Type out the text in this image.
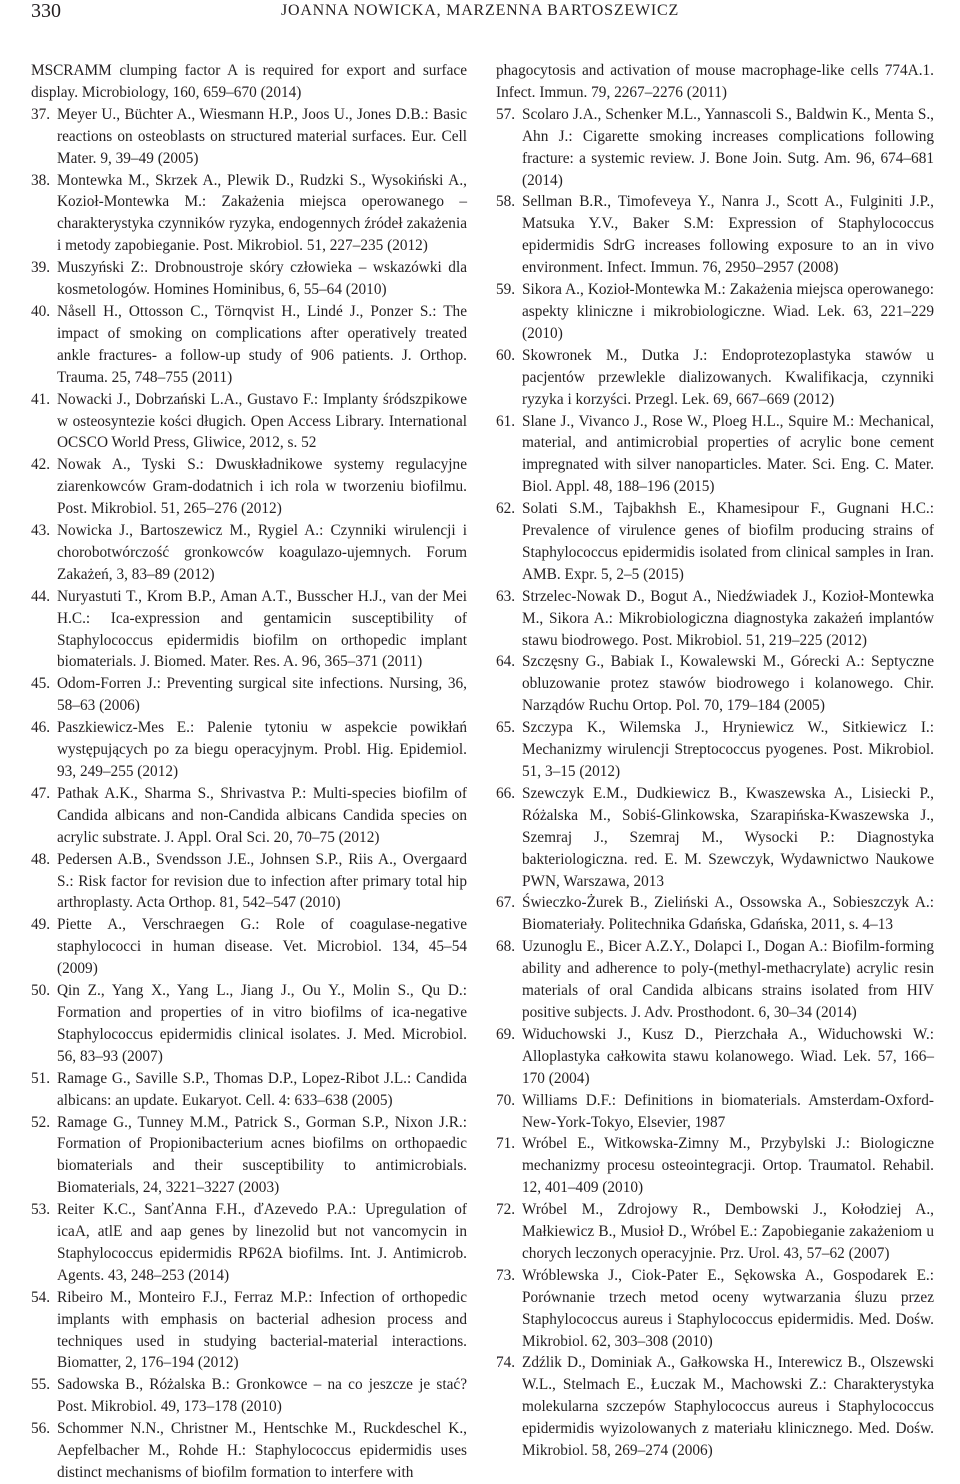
330	JOANNA NOWICKA, MARZENNA BARTOSZEWICZ
MSCRAMM clumping factor A is required for export and surface display. Microbiology, 160, 659–670 (2014)
37. Meyer U., Büchter A., Wiesmann H.P., Joos U., Jones D.B.: Basic reactions on osteoblasts on structured material surfaces. Eur. Cell Mater. 9, 39–49 (2005)
38. Montewka M., Skrzek A., Plewik D., Rudzki S., Wysokiński A., Kozioł-Montewka M.: Zakażenia miejsca operowanego – charakterystyka czynników ryzyka, endogennych źródeł zakażenia i metody zapobieganie. Post. Mikrobiol. 51, 227–235 (2012)
39. Muszyński Z:. Drobnoustroje skóry człowieka – wskazówki dla kosmetologów. Homines Hominibus, 6, 55–64 (2010)
40. Nåsell H., Ottosson C., Törnqvist H., Lindé J., Ponzer S.: The impact of smoking on complications after operatively treated ankle fractures- a follow-up study of 906 patients. J. Orthop. Trauma. 25, 748–755 (2011)
41. Nowacki J., Dobrzański L.A., Gustavo F.: Implanty śródszpikowe w osteosyntezie kości długich. Open Access Library. International OCSCO World Press, Gliwice, 2012, s. 52
42. Nowak A., Tyski S.: Dwuskładnikowe systemy regulacyjne ziarenkowców Gram-dodatnich i ich rola w tworzeniu biofilmu. Post. Mikrobiol. 51, 265–276 (2012)
43. Nowicka J., Bartoszewicz M., Rygiel A.: Czynniki wirulencji i chorobotwórczość gronkowców koagulazo-ujemnych. Forum Zakażeń, 3, 83–89 (2012)
44. Nuryastuti T., Krom B.P., Aman A.T., Busscher H.J., van der Mei H.C.: Ica-expression and gentamicin susceptibility of Staphylococcus epidermidis biofilm on orthopedic implant biomaterials. J. Biomed. Mater. Res. A. 96, 365–371 (2011)
45. Odom-Forren J.: Preventing surgical site infections. Nursing, 36, 58–63 (2006)
46. Paszkiewicz-Mes E.: Palenie tytoniu w aspekcie powikłań występujących po za biegu operacyjnym. Probl. Hig. Epidemiol. 93, 249–255 (2012)
47. Pathak A.K., Sharma S., Shrivastva P.: Multi-species biofilm of Candida albicans and non-Candida albicans Candida species on acrylic substrate. J. Appl. Oral Sci. 20, 70–75 (2012)
48. Pedersen A.B., Svendsson J.E., Johnsen S.P., Riis A., Overgaard S.: Risk factor for revision due to infection after primary total hip arthroplasty. Acta Orthop. 81, 542–547 (2010)
49. Piette A., Verschraegen G.: Role of coagulase-negative staphylococci in human disease. Vet. Microbiol. 134, 45–54 (2009)
50. Qin Z., Yang X., Yang L., Jiang J., Ou Y., Molin S., Qu D.: Formation and properties of in vitro biofilms of ica-negative Staphylococcus epidermidis clinical isolates. J. Med. Microbiol. 56, 83–93 (2007)
51. Ramage G., Saville S.P., Thomas D.P., Lopez-Ribot J.L.: Candida albicans: an update. Eukaryot. Cell. 4: 633–638 (2005)
52. Ramage G., Tunney M.M., Patrick S., Gorman S.P., Nixon J.R.: Formation of Propionibacterium acnes biofilms on orthopaedic biomaterials and their susceptibility to antimicrobials. Biomaterials, 24, 3221–3227 (2003)
53. Reiter K.C., SanťAnna F.H., ďAzevedo P.A.: Upregulation of icaA, atlE and aap genes by linezolid but not vancomycin in Staphylococcus epidermidis RP62A biofilms. Int. J. Antimicrob. Agents. 43, 248–253 (2014)
54. Ribeiro M., Monteiro F.J., Ferraz M.P.: Infection of orthopedic implants with emphasis on bacterial adhesion process and techniques used in studying bacterial-material interactions. Biomatter, 2, 176–194 (2012)
55. Sadowska B., Różalska B.: Gronkowce – na co jeszcze je stać? Post. Mikrobiol. 49, 173–178 (2010)
56. Schommer N.N., Christner M., Hentschke M., Ruckdeschel K., Aepfelbacher M., Rohde H.: Staphylococcus epidermidis uses distinct mechanisms of biofilm formation to interfere with
phagocytosis and activation of mouse macrophage-like cells 774A.1. Infect. Immun. 79, 2267–2276 (2011)
57. Scolaro J.A., Schenker M.L., Yannascoli S., Baldwin K., Menta S., Ahn J.: Cigarette smoking increases complications following fracture: a systemic review. J. Bone Join. Sutg. Am. 96, 674–681 (2014)
58. Sellman B.R., Timofeveya Y., Nanra J., Scott A., Fulginiti J.P., Matsuka Y.V., Baker S.M: Expression of Staphylococcus epidermidis SdrG increases following exposure to an in vivo environment. Infect. Immun. 76, 2950–2957 (2008)
59. Sikora A., Kozioł-Montewka M.: Zakażenia miejsca operowanego: aspekty kliniczne i mikrobiologiczne. Wiad. Lek. 63, 221–229 (2010)
60. Skowronek M., Dutka J.: Endoprotezoplastyka stawów u pacjentów przewlekle dializowanych. Kwalifikacja, czynniki ryzyka i korzyści. Przegl. Lek. 69, 667–669 (2012)
61. Slane J., Vivanco J., Rose W., Ploeg H.L., Squire M.: Mechanical, material, and antimicrobial properties of acrylic bone cement impregnated with silver nanoparticles. Mater. Sci. Eng. C. Mater. Biol. Appl. 48, 188–196 (2015)
62. Solati S.M., Tajbakhsh E., Khamesipour F., Gugnani H.C.: Prevalence of virulence genes of biofilm producing strains of Staphylococcus epidermidis isolated from clinical samples in Iran. AMB. Expr. 5, 2–5 (2015)
63. Strzelec-Nowak D., Bogut A., Niedźwiadek J., Kozioł-Montewka M., Sikora A.: Mikrobiologiczna diagnostyka zakażeń implantów stawu biodrowego. Post. Mikrobiol. 51, 219–225 (2012)
64. Szczęsny G., Babiak I., Kowalewski M., Górecki A.: Septyczne obluzowanie protez stawów biodrowego i kolanowego. Chir. Narządów Ruchu Ortop. Pol. 70, 179–184 (2005)
65. Szczypa K., Wilemska J., Hryniewicz W., Sitkiewicz I.: Mechanizmy wirulencji Streptococcus pyogenes. Post. Mikrobiol. 51, 3–15 (2012)
66. Szewczyk E.M., Dudkiewicz B., Kwaszewska A., Lisiecki P., Różalska M., Sobiś-Glinkowska, Szarapińska-Kwaszewska J., Szemraj J., Szemraj M., Wysocki P.: Diagnostyka bakteriologiczna. red. E. M. Szewczyk, Wydawnictwo Naukowe PWN, Warszawa, 2013
67. Świeczko-Żurek B., Zieliński A., Ossowska A., Sobieszczyk A.: Biomateriały. Politechnika Gdańska, Gdańska, 2011, s. 4–13
68. Uzunoglu E., Bicer A.Z.Y., Dolapci I., Dogan A.: Biofilm-forming ability and adherence to poly-(methyl-methacrylate) acrylic resin materials of oral Candida albicans strains isolated from HIV positive subjects. J. Adv. Prosthodont. 6, 30–34 (2014)
69. Widuchowski J., Kusz D., Pierzchała A., Widuchowski W.: Alloplastyka całkowita stawu kolanowego. Wiad. Lek. 57, 166–170 (2004)
70. Williams D.F.: Definitions in biomaterials. Amsterdam-Oxford-New-York-Tokyo, Elsevier, 1987
71. Wróbel E., Witkowska-Zimny M., Przybylski J.: Biologiczne mechanizmy procesu osteointegracji. Ortop. Traumatol. Rehabil. 12, 401–409 (2010)
72. Wróbel M., Zdrojowy R., Dembowski J., Kołodziej A., Małkiewicz B., Musioł D., Wróbel E.: Zapobieganie zakażeniom u chorych leczonych operacyjnie. Prz. Urol. 43, 57–62 (2007)
73. Wróblewska J., Ciok-Pater E., Sękowska A., Gospodarek E.: Porównanie trzech metod oceny wytwarzania śluzu przez Staphylococcus aureus i Staphylococcus epidermidis. Med. Dośw. Mikrobiol. 62, 303–308 (2010)
74. Zdźlik D., Dominiak A., Gałkowska H., Interewicz B., Olszewski W.L., Stelmach E., Łuczak M., Machowski Z.: Charakterystyka molekularna szczepów Staphylococcus aureus i Staphylococcus epidermidis wyizolowanych z materiału klinicznego. Med. Dośw. Mikrobiol. 58, 269–274 (2006)
